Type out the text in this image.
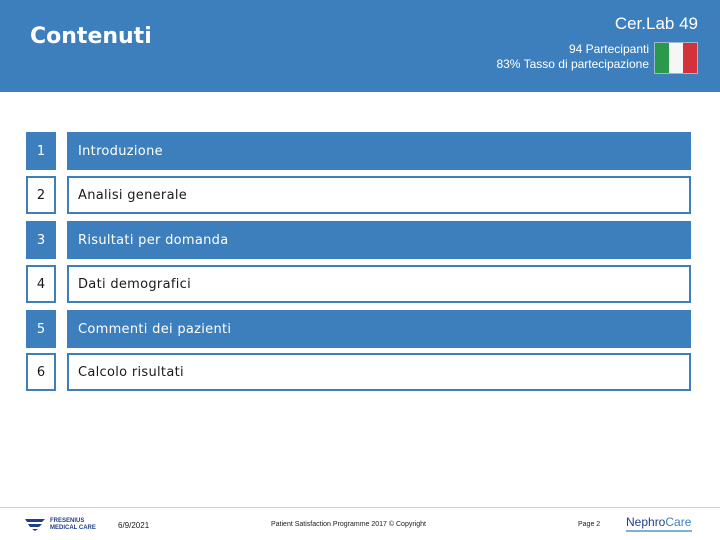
Contenuti
Cer.Lab 49
94 Partecipanti
83% Tasso di partecipazione
1	Introduzione
2	Analisi generale
3	Risultati per domanda
4	Dati demografici
5	Commenti dei pazienti
6	Calcolo risultati
FRESENIUS
MEDICAL CARE	6/9/2021	Patient Satisfaction Programme 2017 © Copyright	Page 2 NephroCare
